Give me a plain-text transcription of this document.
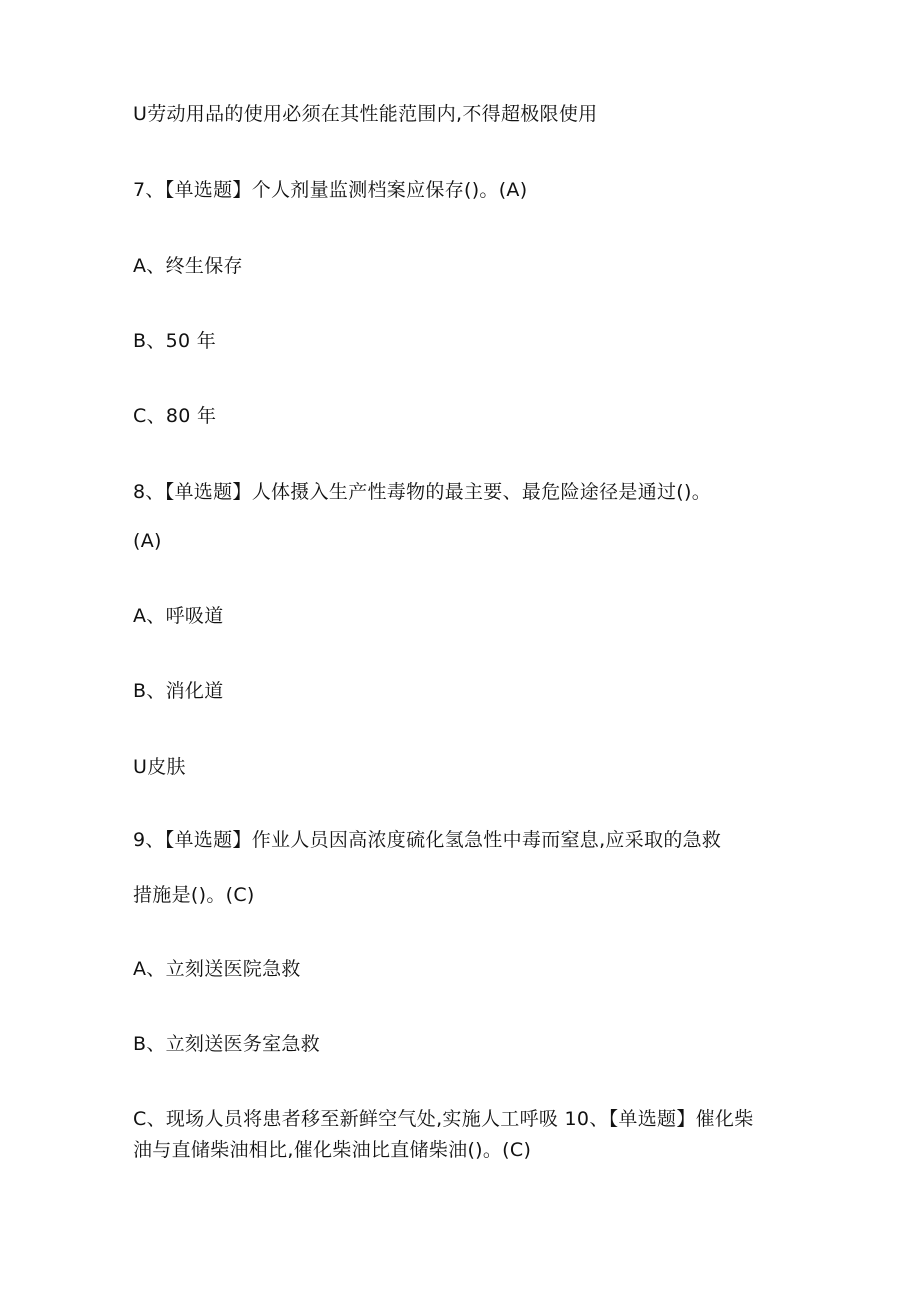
U劳动用品的使用必须在其性能范围内,不得超极限使用
7、【单选题】个人剂量监测档案应保存()。(A)
A、终生保存
B、50 年
C、80 年
8、【单选题】人体摄入生产性毒物的最主要、最危险途径是通过()。
(A)
A、呼吸道
B、消化道
U皮肤
9、【单选题】作业人员因高浓度硫化氢急性中毒而窒息,应采取的急救
措施是()。(C)
A、立刻送医院急救
B、立刻送医务室急救
C、现场人员将患者移至新鲜空气处,实施人工呼吸 10、【单选题】催化柴
油与直储柴油相比,催化柴油比直储柴油()。(C)
